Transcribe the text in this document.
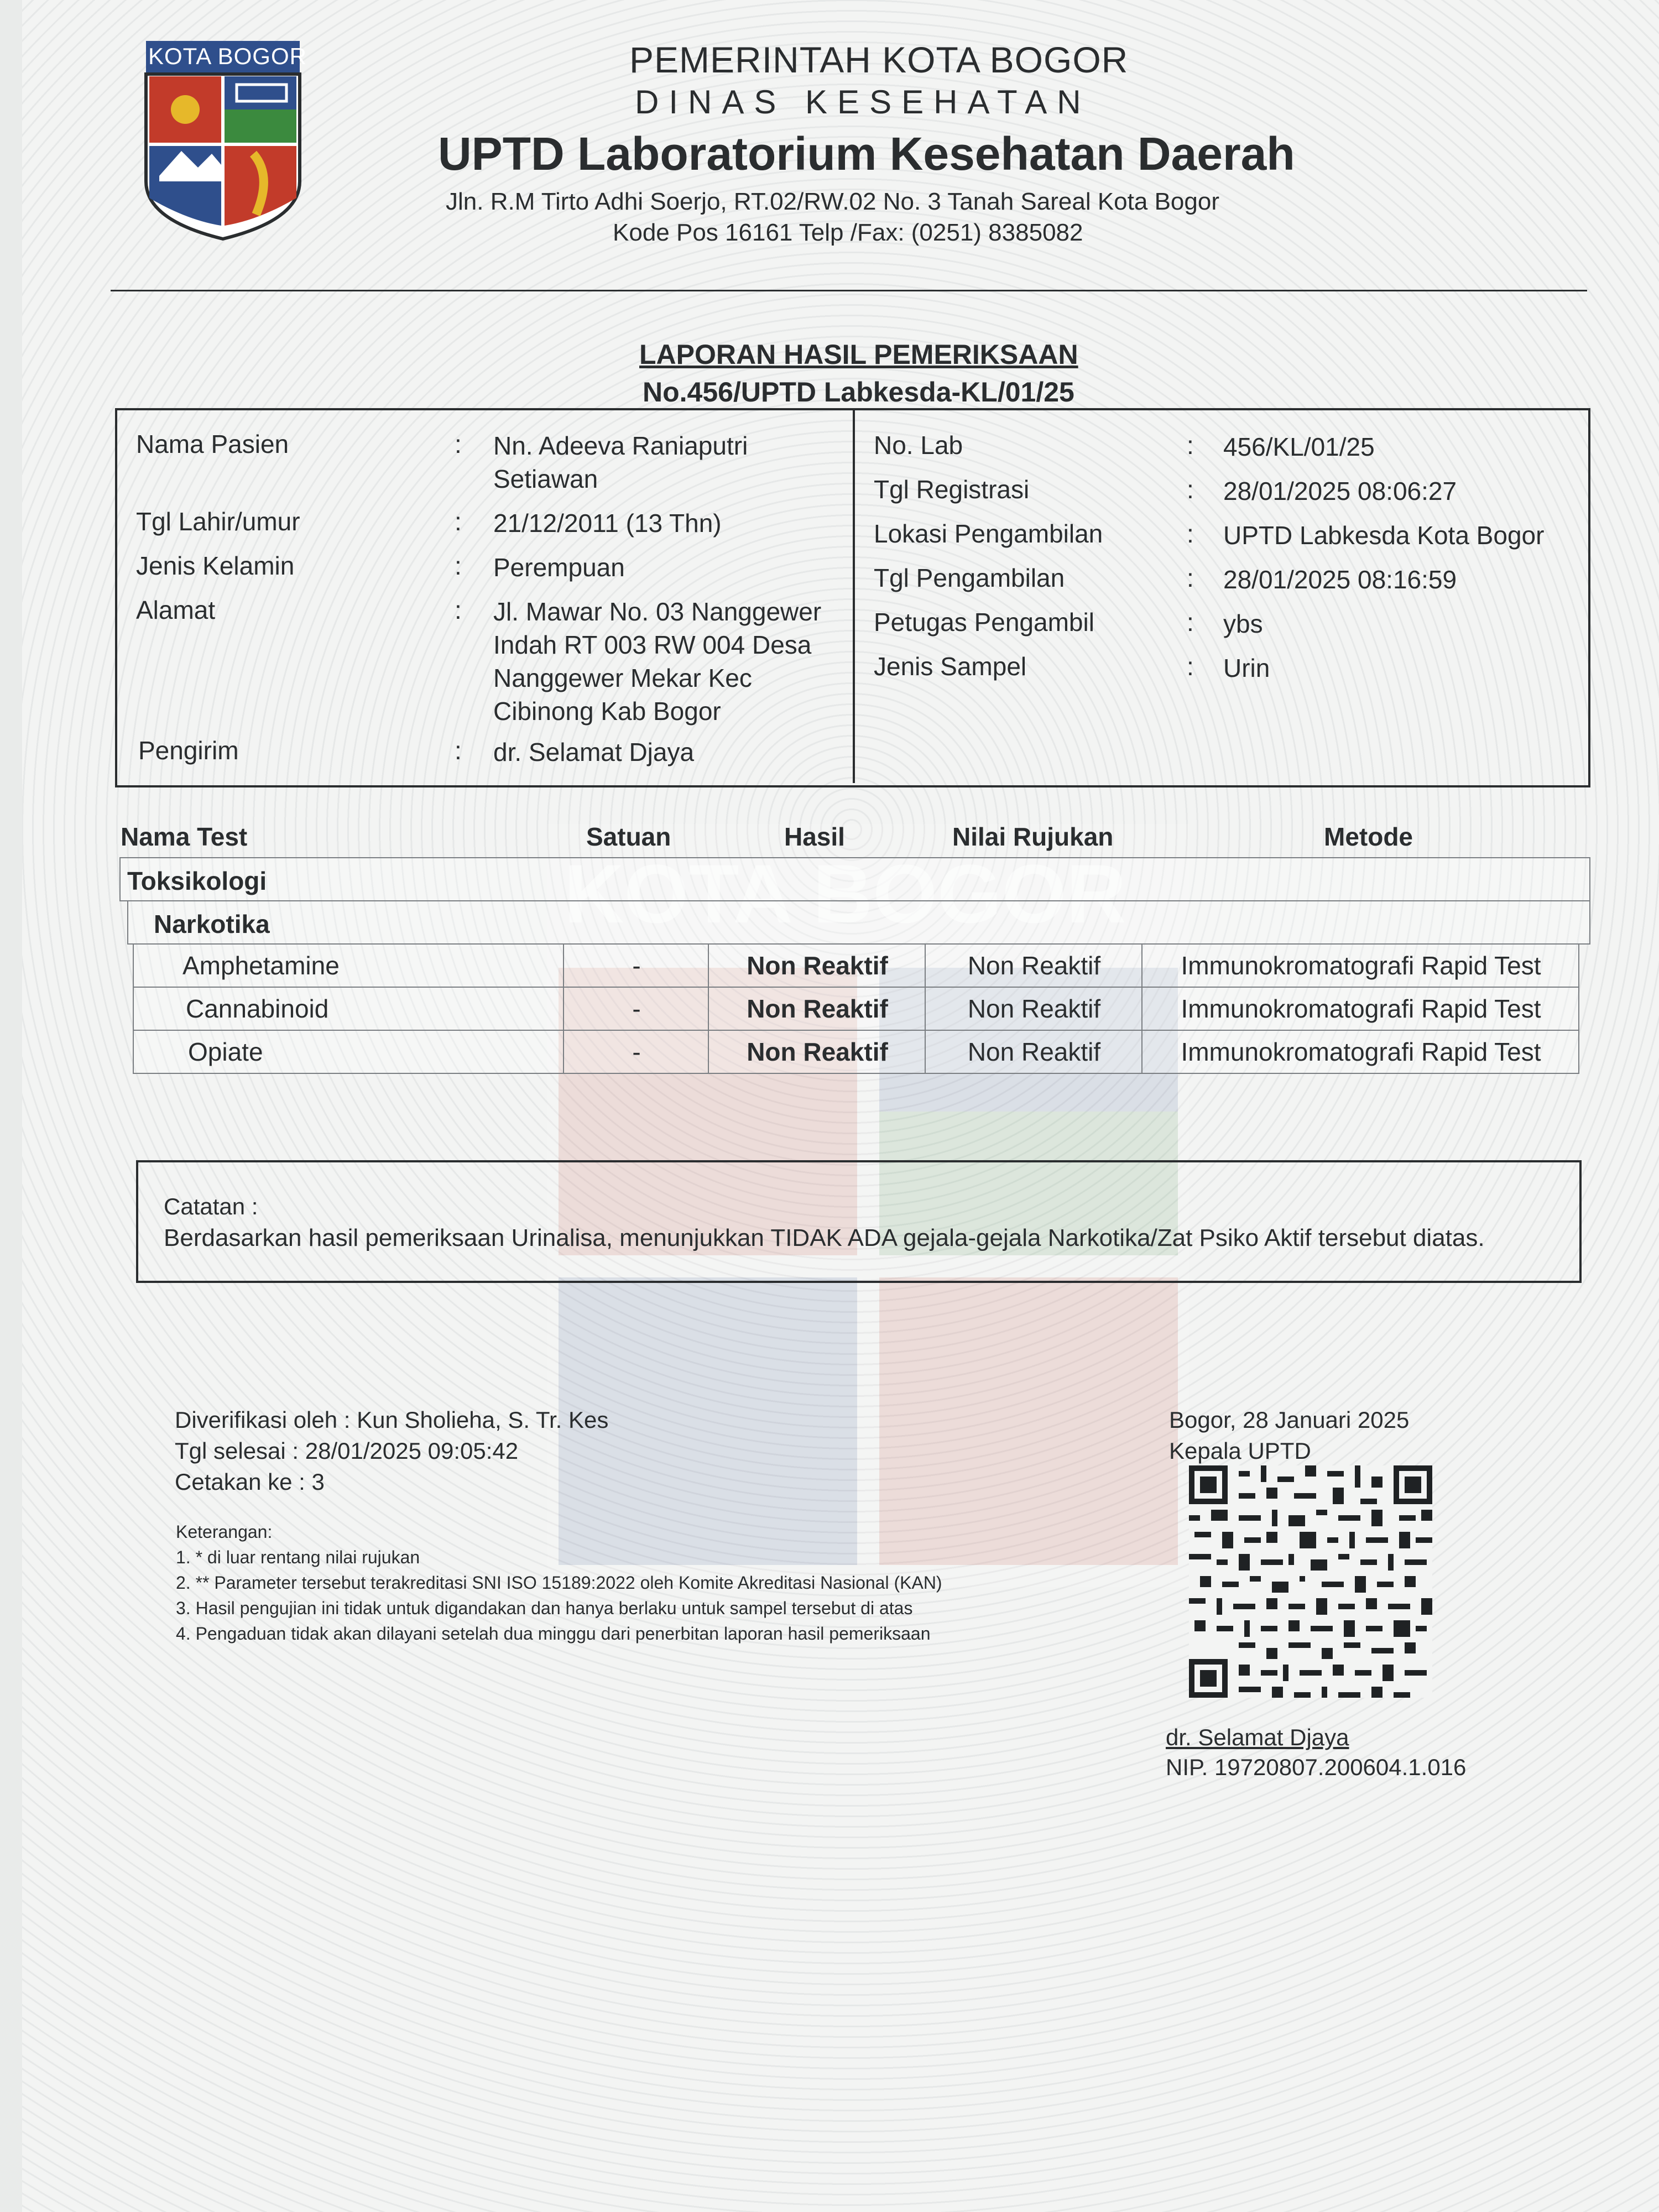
KOTA BOGOR
KOTA BOGOR	PEMERINTAH KOTA BOGOR
DINAS KESEHATAN
UPTD Laboratorium Kesehatan Daerah
Jln. R.M Tirto Adhi Soerjo, RT.02/RW.02 No. 3 Tanah Sareal Kota Bogor
Kode Pos 16161 Telp /Fax: (0251) 8385082
LAPORAN HASIL PEMERIKSAAN
No.456/UPTD Labkesda-KL/01/25
Nama Pasien	: Nn. Adeeva Raniaputri Setiawan
Tgl Lahir/umur	: 21/12/2011 (13 Thn)
Jenis Kelamin	: Perempuan
Alamat	: Jl. Mawar No. 03 Nanggewer Indah RT 003 RW 004 Desa Nanggewer Mekar Kec Cibinong Kab Bogor
Pengirim	: dr. Selamat Djaya
No. Lab	: 456/KL/01/25
Tgl Registrasi	: 28/01/2025 08:06:27
Lokasi Pengambilan	: UPTD Labkesda Kota Bogor
Tgl Pengambilan	: 28/01/2025 08:16:59
Petugas Pengambil	: ybs
Jenis Sampel	: Urin
Nama Test	Satuan	Hasil	Nilai Rujukan	Metode
Toksikologi
Narkotika
Amphetamine	-	Non Reaktif	Non Reaktif	Immunokromatografi Rapid Test
Cannabinoid	-	Non Reaktif	Non Reaktif	Immunokromatografi Rapid Test
Opiate	-	Non Reaktif	Non Reaktif	Immunokromatografi Rapid Test
Catatan :
Berdasarkan hasil pemeriksaan Urinalisa, menunjukkan TIDAK ADA gejala-gejala Narkotika/Zat Psiko Aktif tersebut diatas.
Diverifikasi oleh : Kun Sholieha, S. Tr. Kes
Tgl selesai : 28/01/2025 09:05:42
Cetakan ke : 3
Keterangan:
1. * di luar rentang nilai rujukan
2. ** Parameter tersebut terakreditasi SNI ISO 15189:2022 oleh Komite Akreditasi Nasional (KAN)
3. Hasil pengujian ini tidak untuk digandakan dan hanya berlaku untuk sampel tersebut di atas
4. Pengaduan tidak akan dilayani setelah dua minggu dari penerbitan laporan hasil pemeriksaan
Bogor, 28 Januari 2025
Kepala UPTD
dr. Selamat Djaya
NIP. 19720807.200604.1.016
